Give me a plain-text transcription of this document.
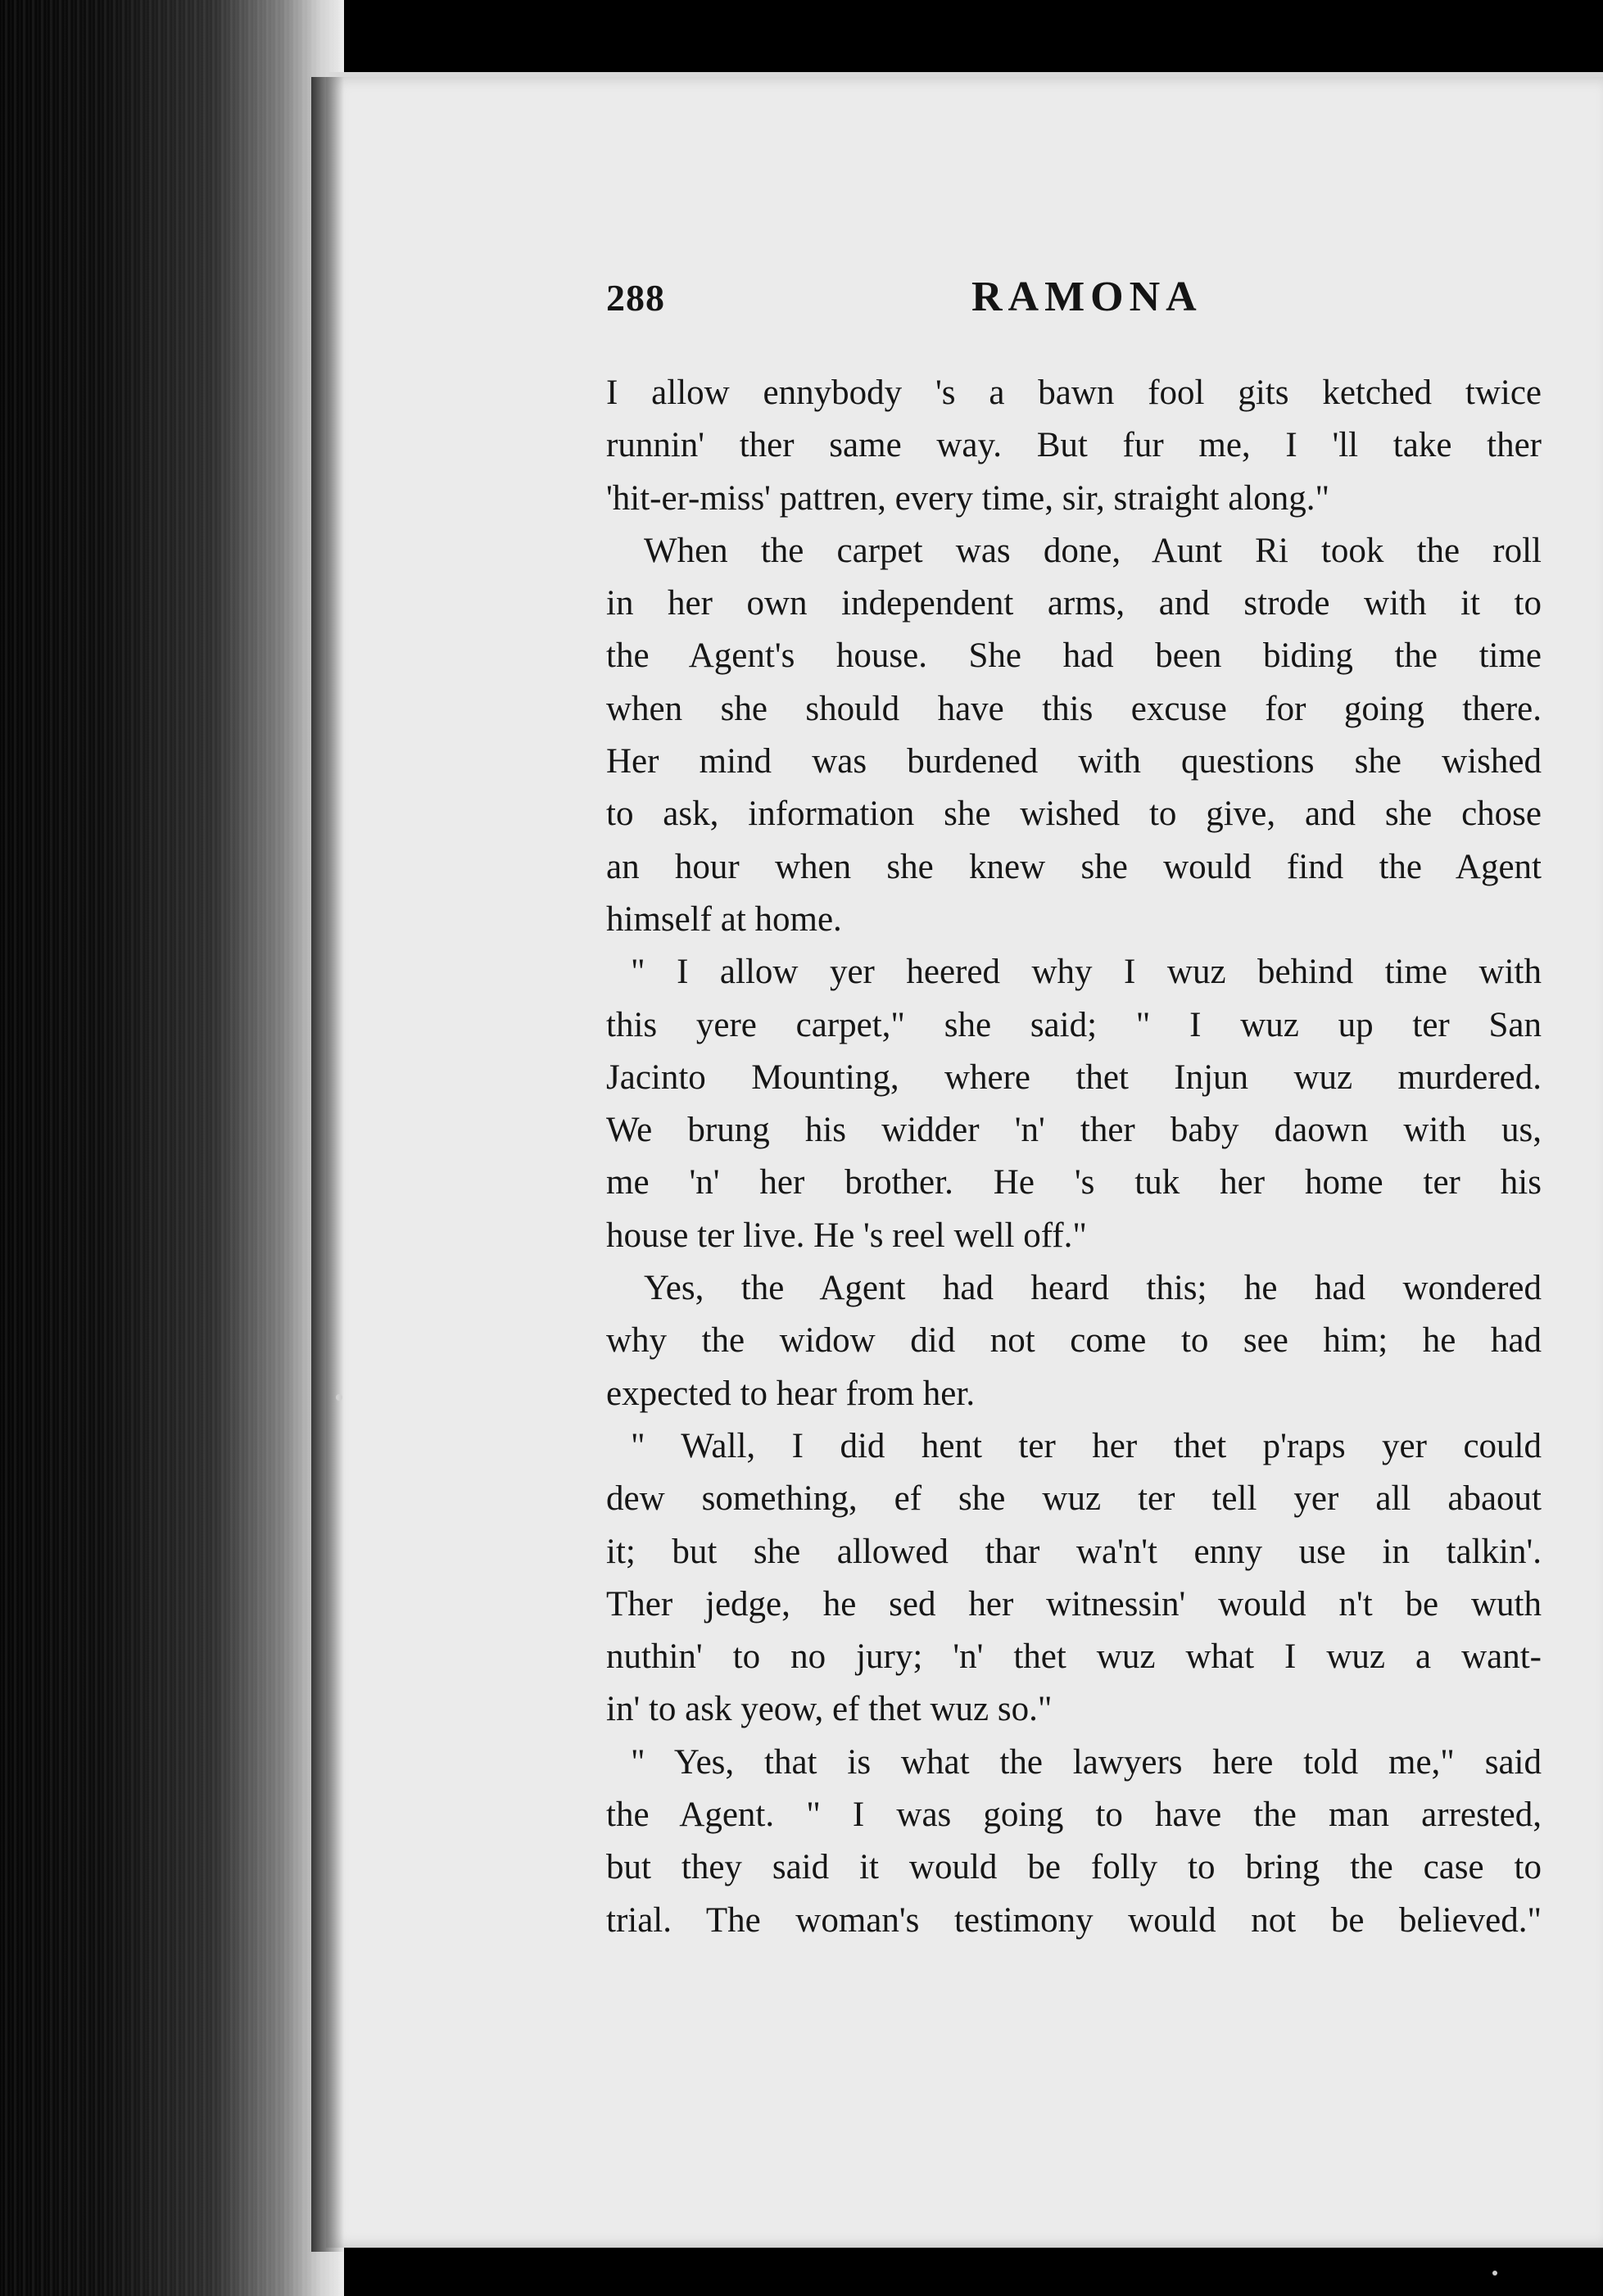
288	RAMONA
I allow ennybody 's a bawn fool gits ketched twice
runnin' ther same way. But fur me, I 'll take ther
'hit-er-miss' pattren, every time, sir, straight along."
When the carpet was done, Aunt Ri took the roll
in her own independent arms, and strode with it to
the Agent's house. She had been biding the time
when she should have this excuse for going there.
Her mind was burdened with questions she wished
to ask, information she wished to give, and she chose
an hour when she knew she would find the Agent
himself at home.
" I allow yer heered why I wuz behind time with
this yere carpet," she said; " I wuz up ter San
Jacinto Mounting, where thet Injun wuz murdered.
We brung his widder 'n' ther baby daown with us,
me 'n' her brother. He 's tuk her home ter his
house ter live. He 's reel well off."
Yes, the Agent had heard this; he had wondered
why the widow did not come to see him; he had
expected to hear from her.
" Wall, I did hent ter her thet p'raps yer could
dew something, ef she wuz ter tell yer all abaout
it; but she allowed thar wa'n't enny use in talkin'.
Ther jedge, he sed her witnessin' would n't be wuth
nuthin' to no jury; 'n' thet wuz what I wuz a want-
in' to ask yeow, ef thet wuz so."
" Yes, that is what the lawyers here told me," said
the Agent. " I was going to have the man arrested,
but they said it would be folly to bring the case to
trial. The woman's testimony would not be believed."
